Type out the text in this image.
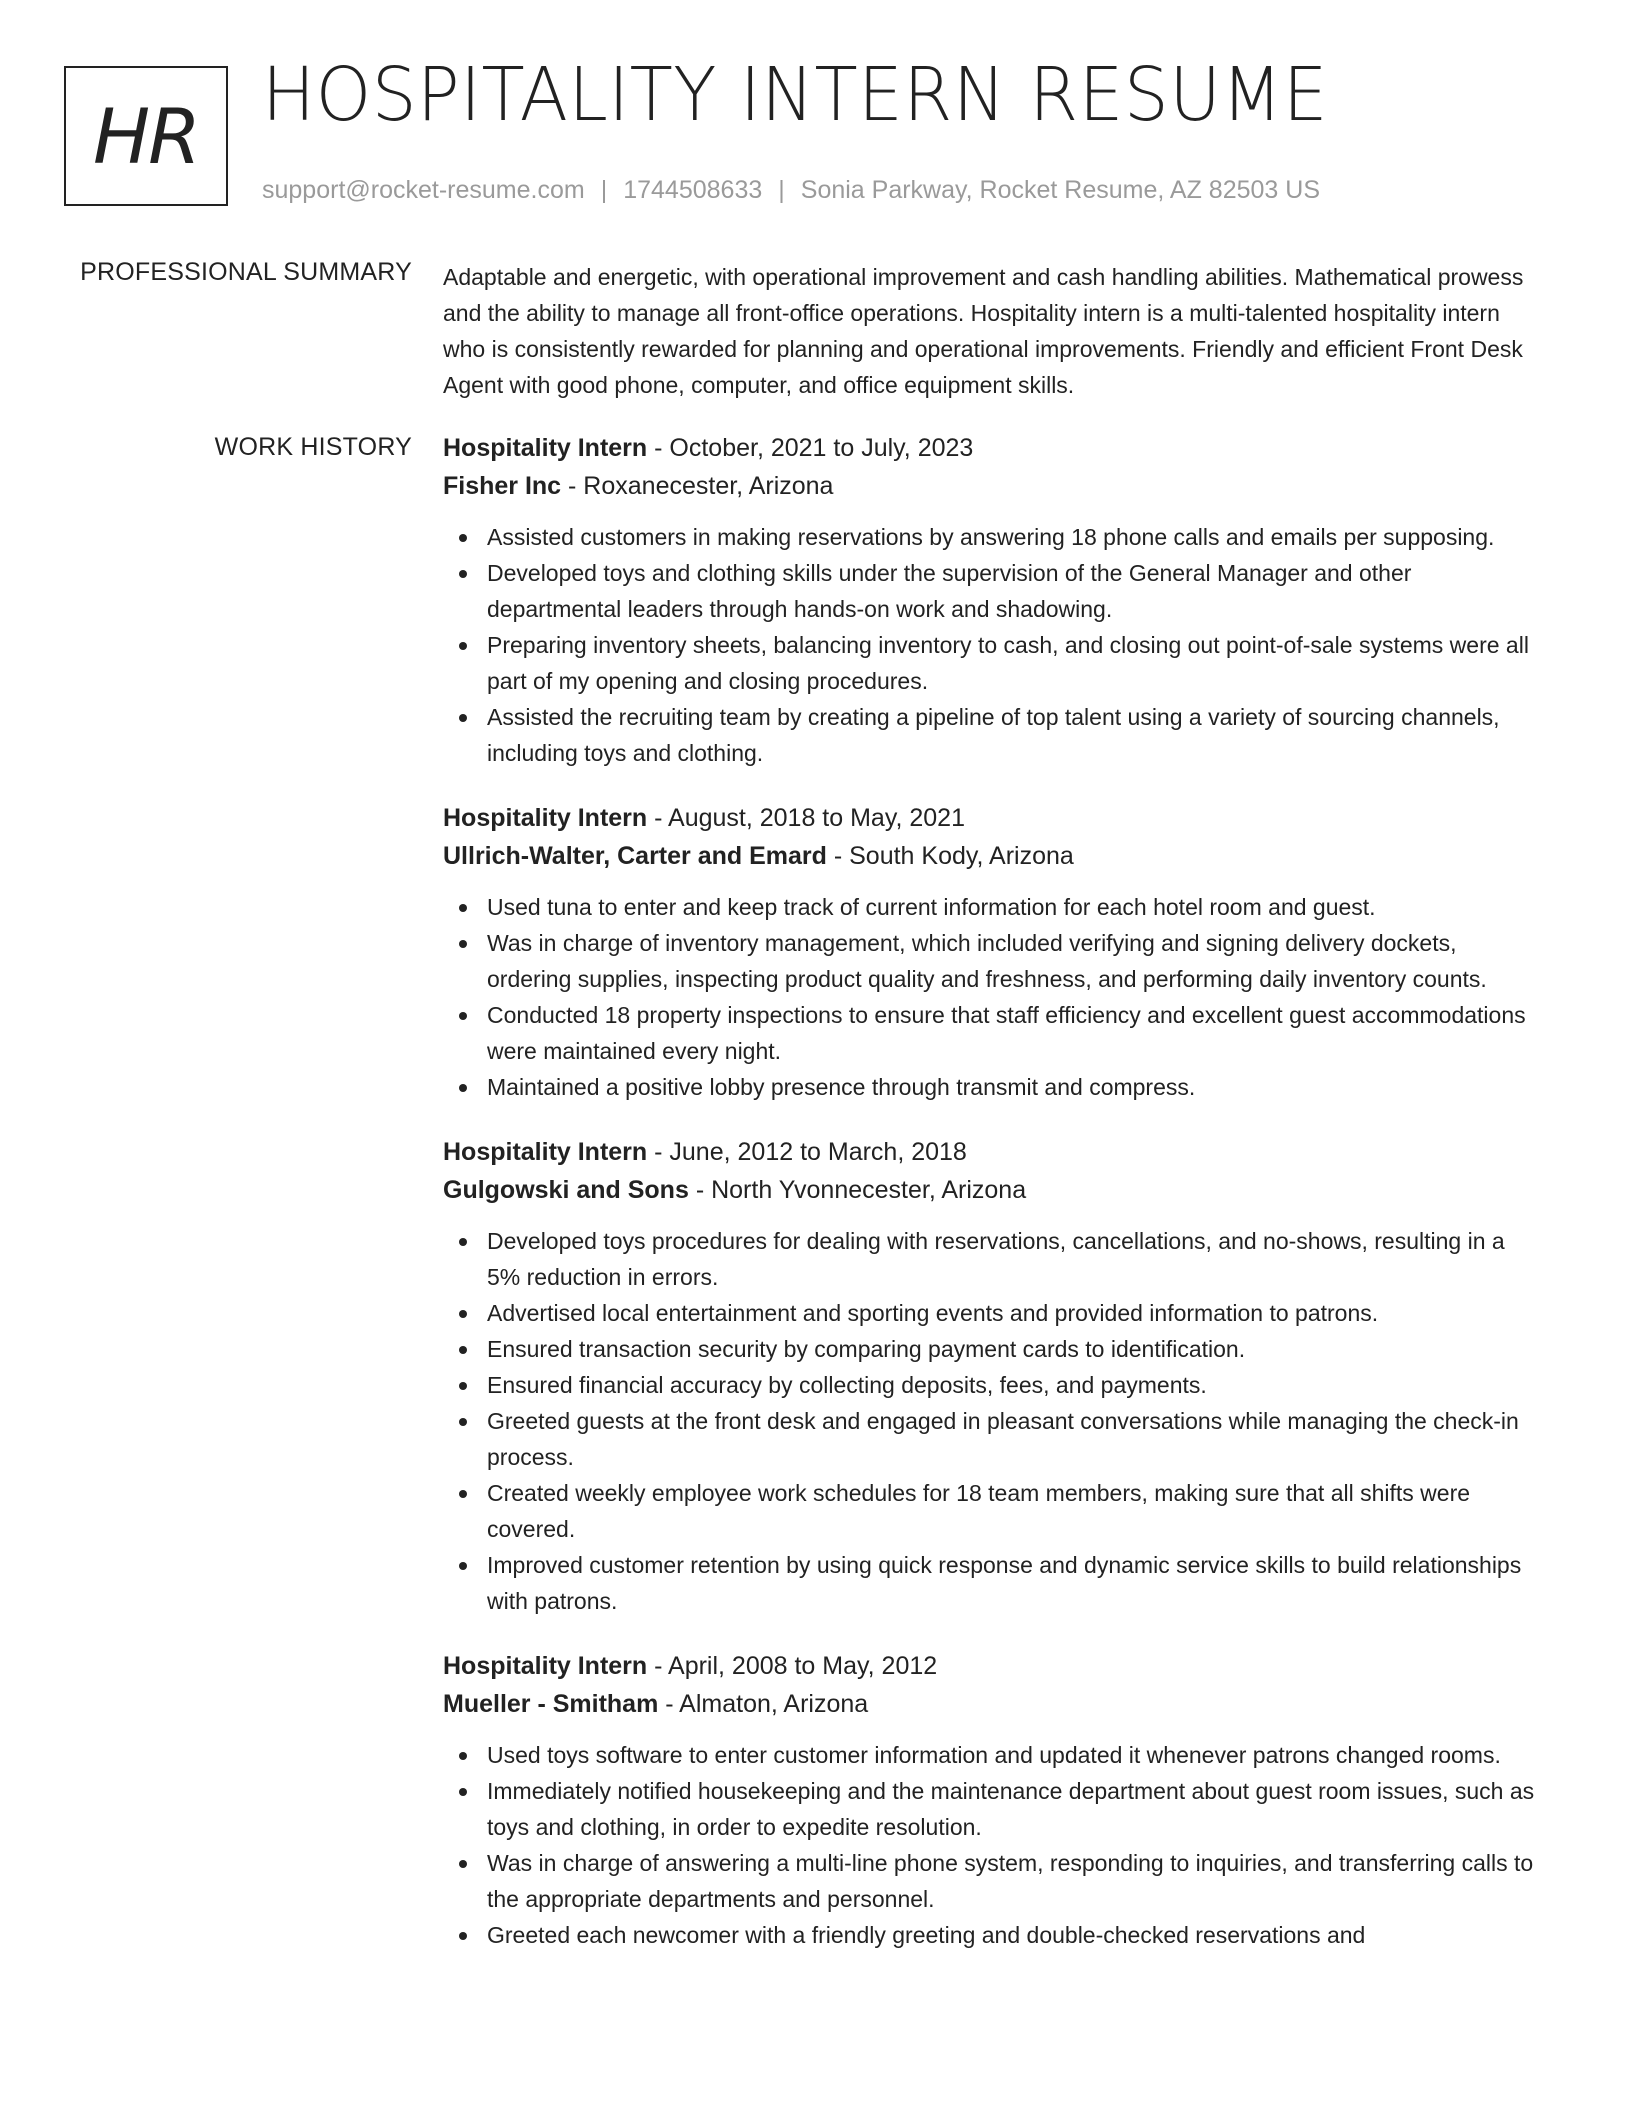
HR HOSPITALITY INTERN RESUME
support@rocket-resume.com | 1744508633 | Sonia Parkway, Rocket Resume, AZ 82503 US
PROFESSIONAL SUMMARY Adaptable and energetic, with operational improvement and cash handling abilities. Mathematical prowess and the ability to manage all front-office operations. Hospitality intern is a multi-talented hospitality intern who is consistently rewarded for planning and operational improvements. Friendly and efficient Front Desk Agent with good phone, computer, and office equipment skills.
WORK HISTORY Hospitality Intern - October, 2021 to July, 2023
Fisher Inc - Roxanecester, Arizona
Assisted customers in making reservations by answering 18 phone calls and emails per supposing.
Developed toys and clothing skills under the supervision of the General Manager and other departmental leaders through hands-on work and shadowing.
Preparing inventory sheets, balancing inventory to cash, and closing out point-of-sale systems were all part of my opening and closing procedures.
Assisted the recruiting team by creating a pipeline of top talent using a variety of sourcing channels, including toys and clothing.
Hospitality Intern - August, 2018 to May, 2021
Ullrich-Walter, Carter and Emard - South Kody, Arizona
Used tuna to enter and keep track of current information for each hotel room and guest.
Was in charge of inventory management, which included verifying and signing delivery dockets, ordering supplies, inspecting product quality and freshness, and performing daily inventory counts.
Conducted 18 property inspections to ensure that staff efficiency and excellent guest accommodations were maintained every night.
Maintained a positive lobby presence through transmit and compress.
Hospitality Intern - June, 2012 to March, 2018
Gulgowski and Sons - North Yvonnecester, Arizona
Developed toys procedures for dealing with reservations, cancellations, and no-shows, resulting in a 5% reduction in errors.
Advertised local entertainment and sporting events and provided information to patrons.
Ensured transaction security by comparing payment cards to identification.
Ensured financial accuracy by collecting deposits, fees, and payments.
Greeted guests at the front desk and engaged in pleasant conversations while managing the check-in process.
Created weekly employee work schedules for 18 team members, making sure that all shifts were covered.
Improved customer retention by using quick response and dynamic service skills to build relationships with patrons.
Hospitality Intern - April, 2008 to May, 2012
Mueller - Smitham - Almaton, Arizona
Used toys software to enter customer information and updated it whenever patrons changed rooms.
Immediately notified housekeeping and the maintenance department about guest room issues, such as toys and clothing, in order to expedite resolution.
Was in charge of answering a multi-line phone system, responding to inquiries, and transferring calls to the appropriate departments and personnel.
Greeted each newcomer with a friendly greeting and double-checked reservations and
